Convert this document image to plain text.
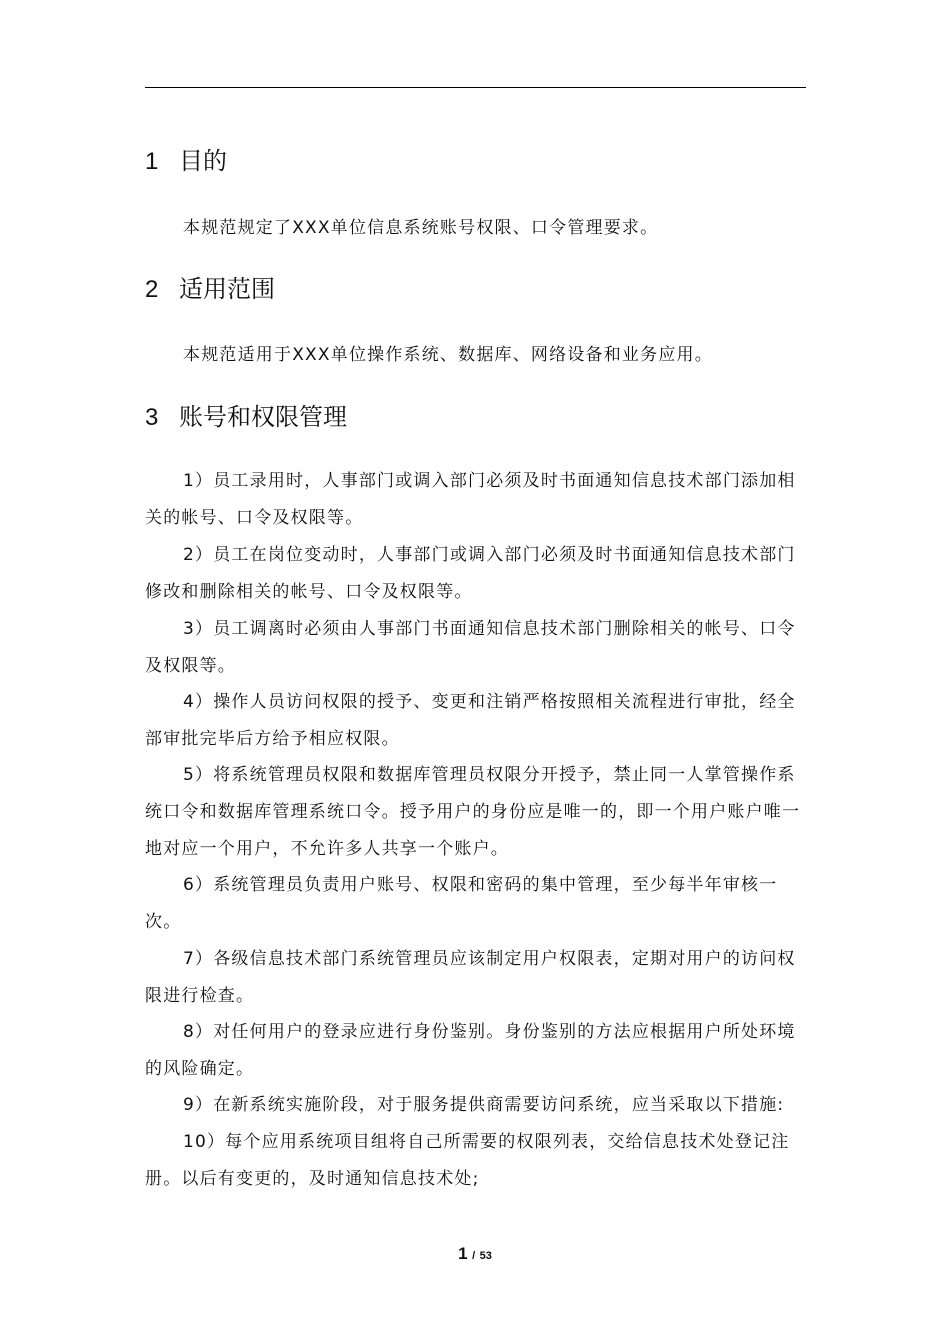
1 目的
本规范规定了XXX单位信息系统账号权限、口令管理要求。
2 适用范围
本规范适用于XXX单位操作系统、数据库、网络设备和业务应用。
3 账号和权限管理
1）员工录用时，人事部门或调入部门必须及时书面通知信息技术部门添加相关的帐号、口令及权限等。
2）员工在岗位变动时，人事部门或调入部门必须及时书面通知信息技术部门修改和删除相关的帐号、口令及权限等。
3）员工调离时必须由人事部门书面通知信息技术部门删除相关的帐号、口令及权限等。
4）操作人员访问权限的授予、变更和注销严格按照相关流程进行审批，经全部审批完毕后方给予相应权限。
5）将系统管理员权限和数据库管理员权限分开授予，禁止同一人掌管操作系统口令和数据库管理系统口令。授予用户的身份应是唯一的，即一个用户账户唯一地对应一个用户，不允许多人共享一个账户。
6）系统管理员负责用户账号、权限和密码的集中管理，至少每半年审核一次。
7）各级信息技术部门系统管理员应该制定用户权限表，定期对用户的访问权限进行检查。
8）对任何用户的登录应进行身份鉴别。身份鉴别的方法应根据用户所处环境的风险确定。
9）在新系统实施阶段，对于服务提供商需要访问系统，应当采取以下措施:
10）每个应用系统项目组将自己所需要的权限列表，交给信息技术处登记注册。以后有变更的，及时通知信息技术处;
1 / 53
